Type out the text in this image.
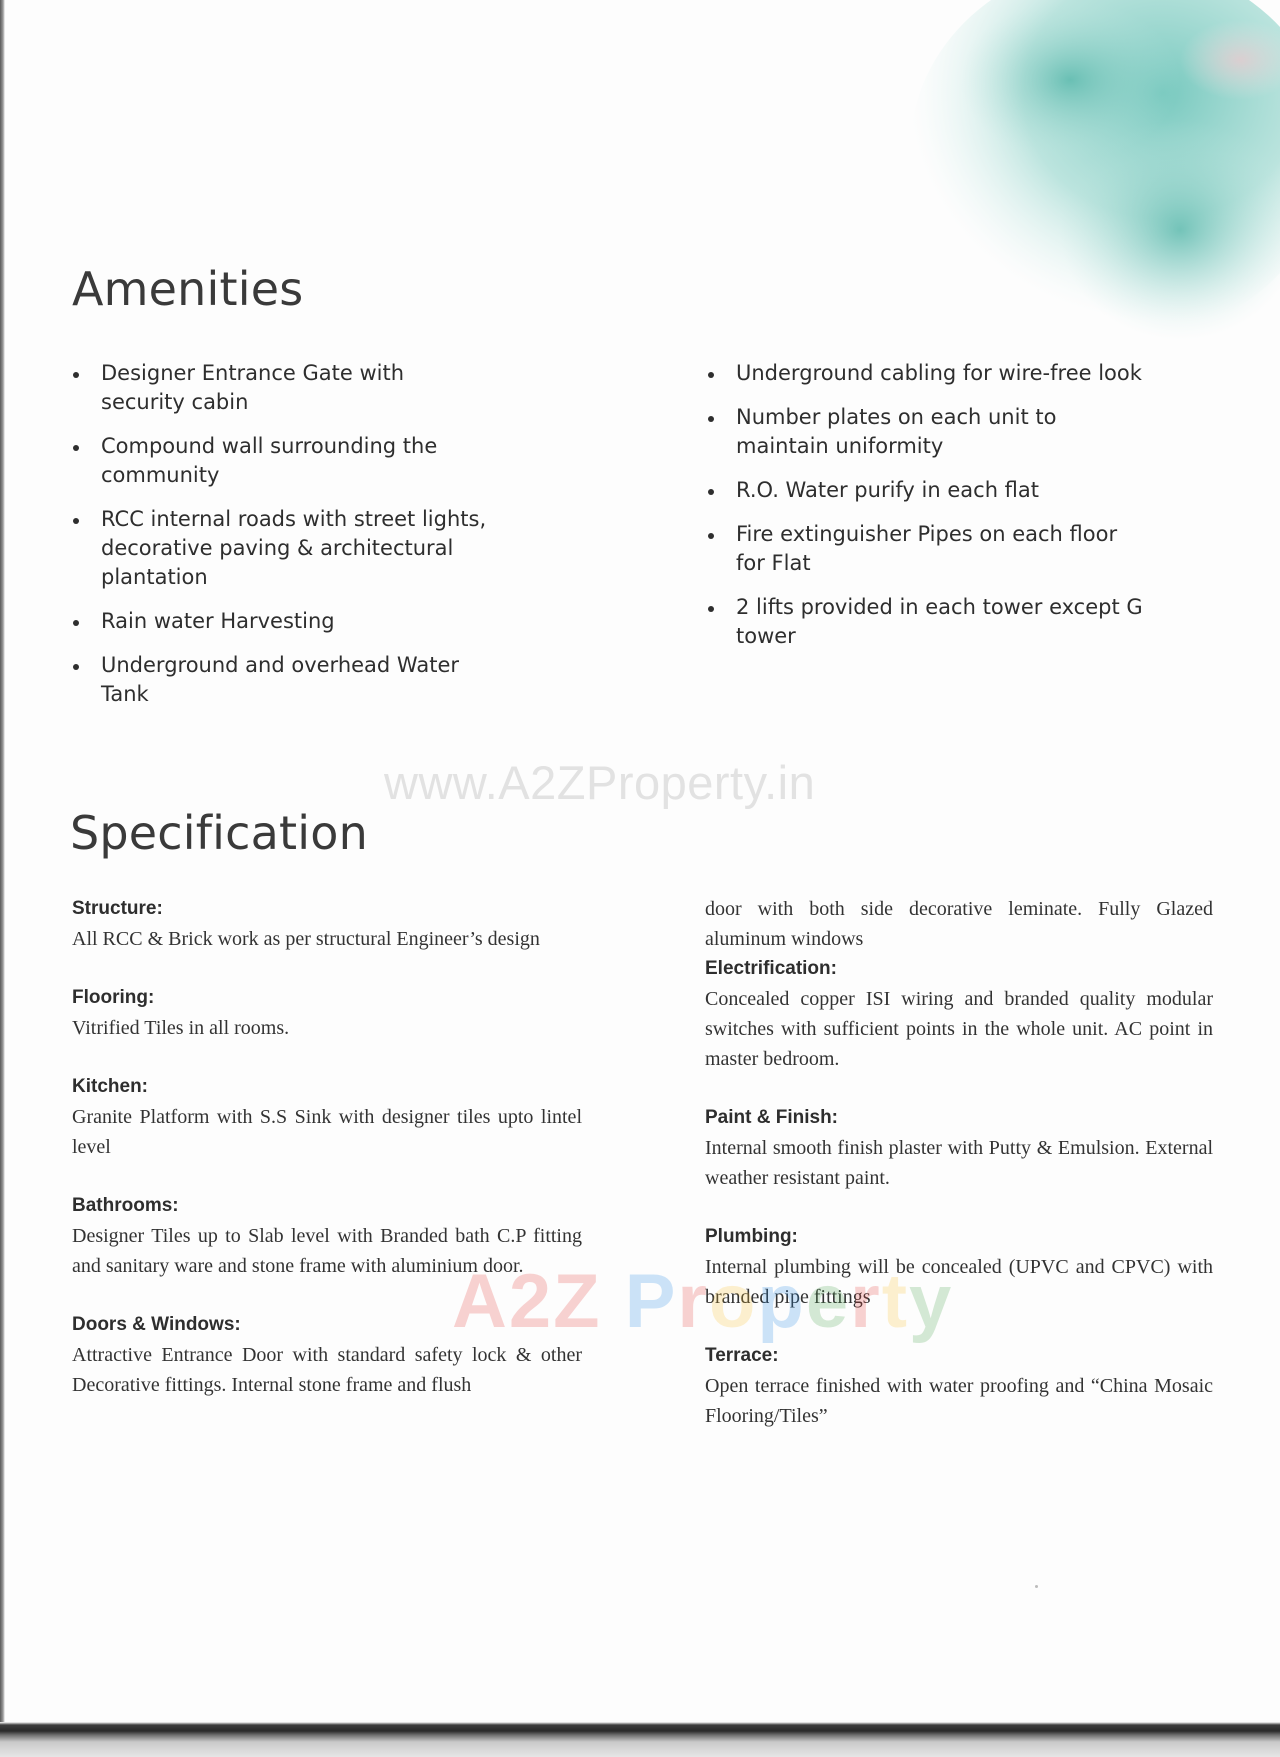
Amenities
Designer Entrance Gate with security cabin
Compound wall surrounding the community
RCC internal roads with street lights, decorative paving & architectural plantation
Rain water Harvesting
Underground and overhead Water Tank
Underground cabling for wire-free look
Number plates on each unit to maintain uniformity
R.O. Water purify in each flat
Fire extinguisher Pipes on each floor for Flat
2 lifts provided in each tower except G tower
www.A2ZProperty.in
Specification
Structure:
All RCC & Brick work as per structural Engineer’s design
Flooring:
Vitrified Tiles in all rooms.
Kitchen:
Granite Platform with S.S Sink with designer tiles upto lintel level
Bathrooms:
Designer Tiles up to Slab level with Branded bath C.P fitting and sanitary ware and stone frame with aluminium door.
Doors & Windows:
Attractive Entrance Door with standard safety lock & other Decorative fittings. Internal stone frame and flush
door with both side decorative leminate. Fully Glazed aluminum windows
Electrification:
Concealed copper ISI wiring and branded quality modular switches with sufficient points in the whole unit. AC point in master bedroom.
Paint & Finish:
Internal smooth finish plaster with Putty & Emulsion. External weather resistant paint.
Plumbing:
Internal plumbing will be concealed (UPVC and CPVC) with branded pipe fittings
Terrace:
Open terrace finished with water proofing and “China Mosaic Flooring/Tiles”
A2Z Property
